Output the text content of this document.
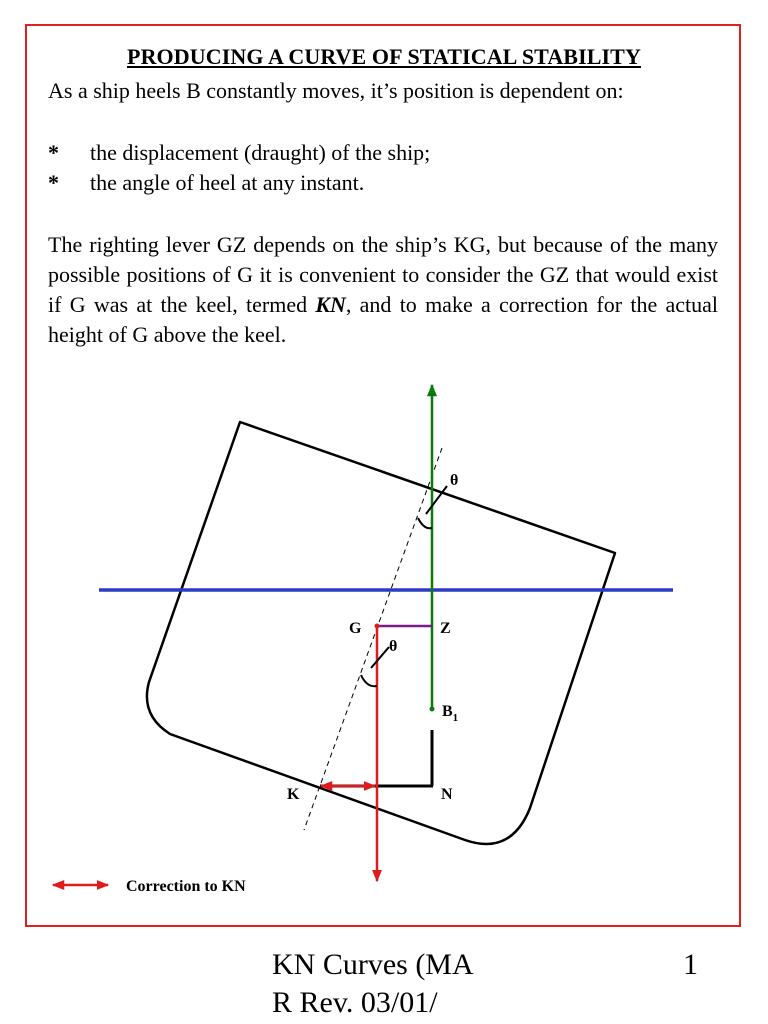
PRODUCING A CURVE OF STATICAL STABILITY

As a ship heels B constantly moves, it’s position is dependent on:

* the displacement (draught) of the ship;
* the angle of heel at any instant.

The righting lever GZ depends on the ship’s KG, but because of the many possible positions of G it is convenient to consider the GZ that would exist if G was at the keel, termed KN, and to make a correction for the actual height of G above the keel.

θ
θ
G	Z
$B_1$
K	N
Correction to KN
KN Curves (MA
R Rev. 03/01/
1
